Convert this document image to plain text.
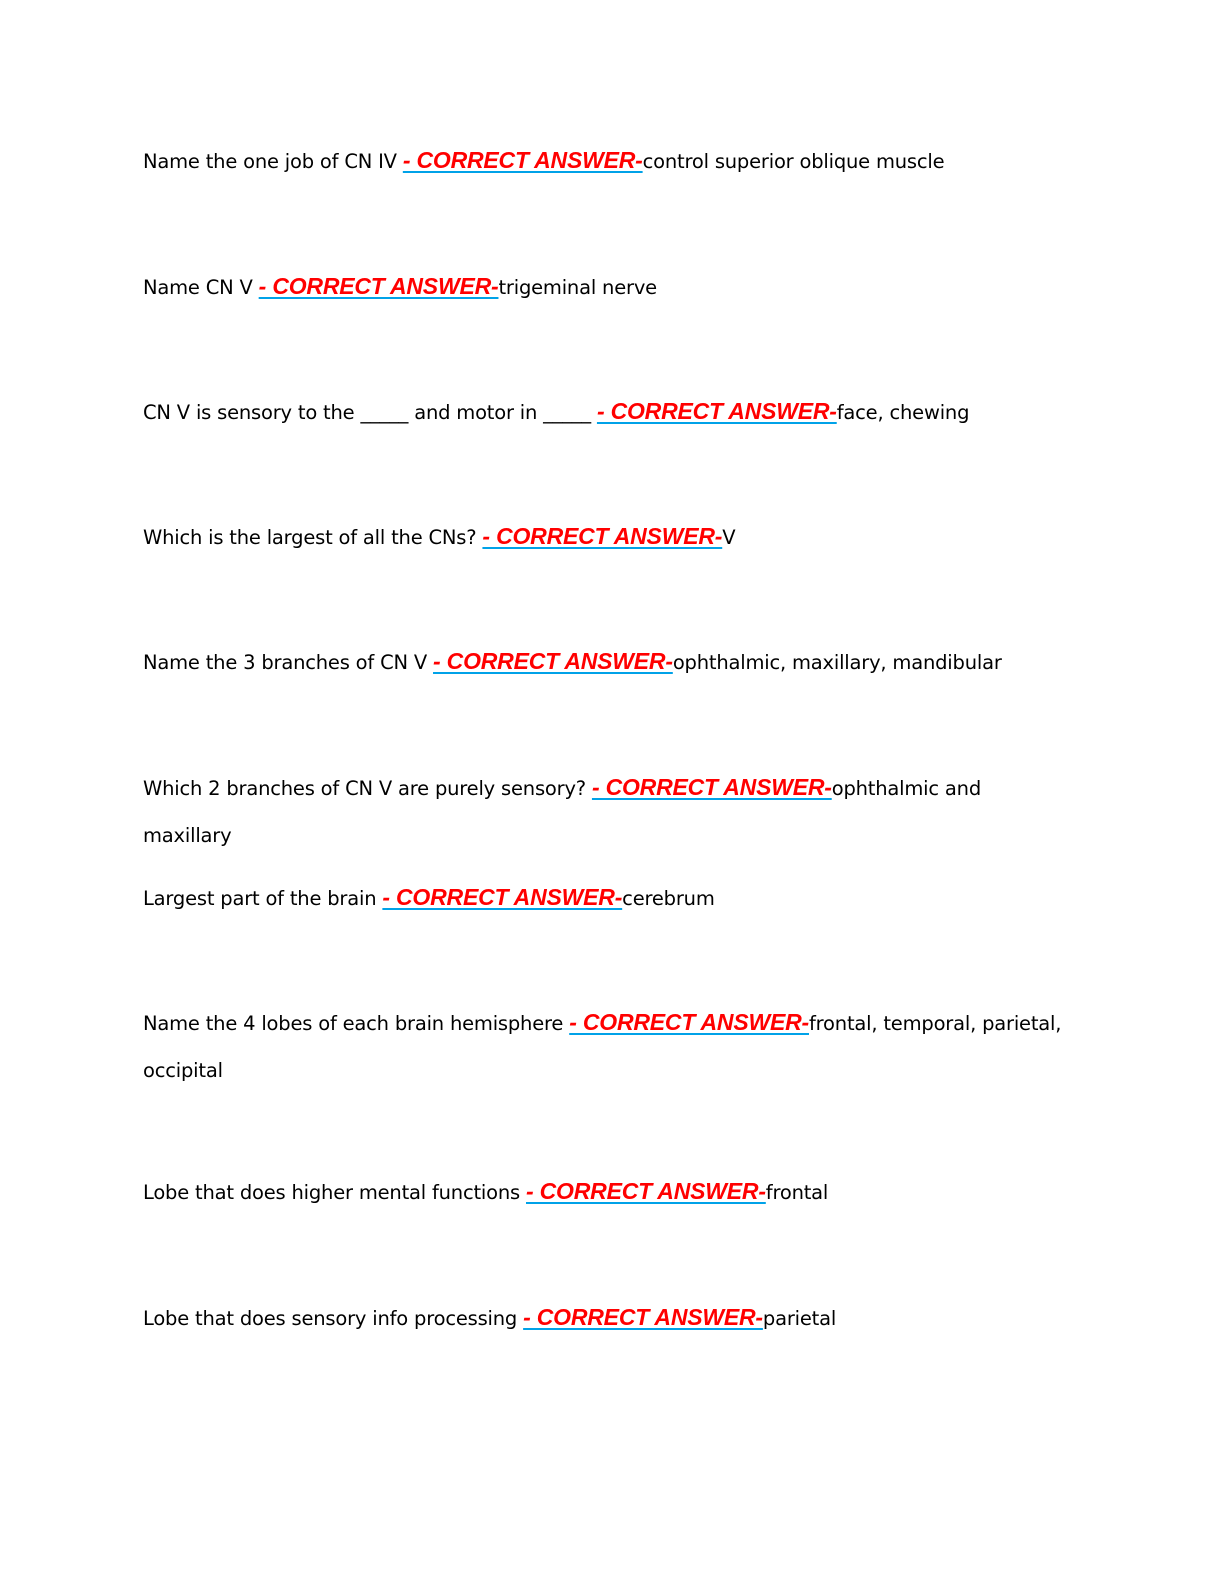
Name the one job of CN IV - CORRECT ANSWER-control superior oblique muscle
Name CN V - CORRECT ANSWER-trigeminal nerve
CN V is sensory to the _____ and motor in _____ - CORRECT ANSWER-face, chewing
Which is the largest of all the CNs? - CORRECT ANSWER-V
Name the 3 branches of CN V - CORRECT ANSWER-ophthalmic, maxillary, mandibular
Which 2 branches of CN V are purely sensory? - CORRECT ANSWER-ophthalmic and maxillary
Largest part of the brain - CORRECT ANSWER-cerebrum
Name the 4 lobes of each brain hemisphere - CORRECT ANSWER-frontal, temporal, parietal, occipital
Lobe that does higher mental functions - CORRECT ANSWER-frontal
Lobe that does sensory info processing - CORRECT ANSWER-parietal
